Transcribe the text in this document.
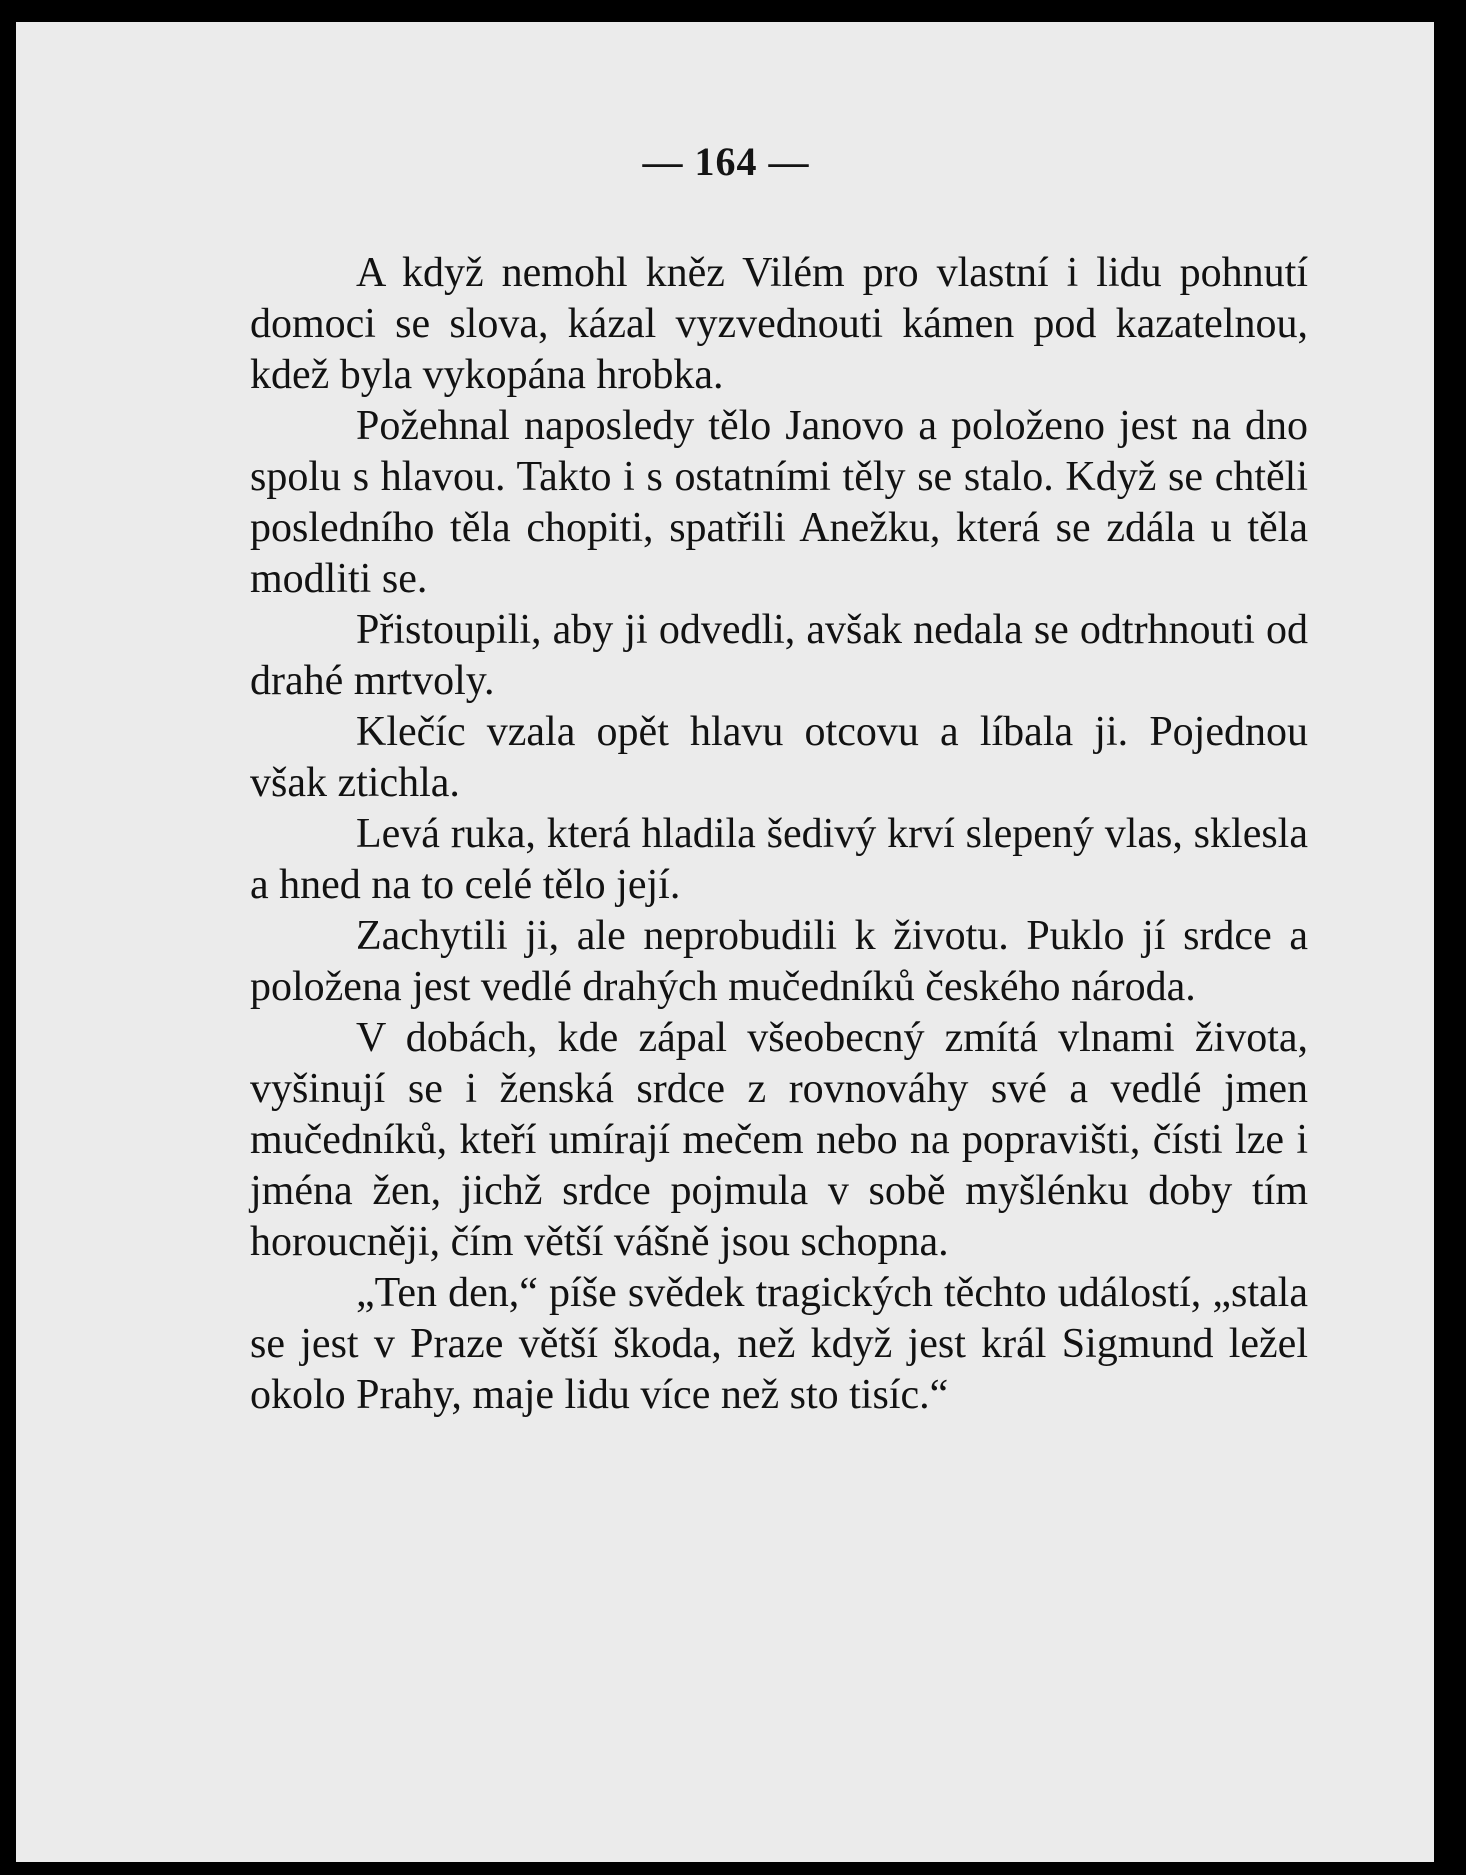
— 164 —

A když nemohl kněz Vilém pro vlastní i lidu pohnutí domoci se slova, kázal vyzvednouti kámen pod kazatelnou, kdež byla vykopána hrobka.

Požehnal naposledy tělo Janovo a položeno jest na dno spolu s hlavou. Takto i s ostatními těly se stalo. Když se chtěli posledního těla chopiti, spatřili Anežku, která se zdála u těla modliti se.

Přistoupili, aby ji odvedli, avšak nedala se odtrhnouti od drahé mrtvoly.

Klečíc vzala opět hlavu otcovu a líbala ji. Pojednou však ztichla.

Levá ruka, která hladila šedivý krví slepený vlas, sklesla a hned na to celé tělo její.

Zachytili ji, ale neprobudili k životu. Puklo jí srdce a položena jest vedlé drahých mučedníků českého národa.

V dobách, kde zápal všeobecný zmítá vlnami života, vyšinují se i ženská srdce z rovnováhy své a vedlé jmen mučedníků, kteří umírají mečem nebo na popravišti, čísti lze i jména žen, jichž srdce pojmula v sobě myšlénku doby tím horoucněji, čím větší vášně jsou schopna.

„Ten den,“ píše svědek tragických těchto událostí, „stala se jest v Praze větší škoda, než když jest král Sigmund ležel okolo Prahy, maje lidu více než sto tisíc.“
